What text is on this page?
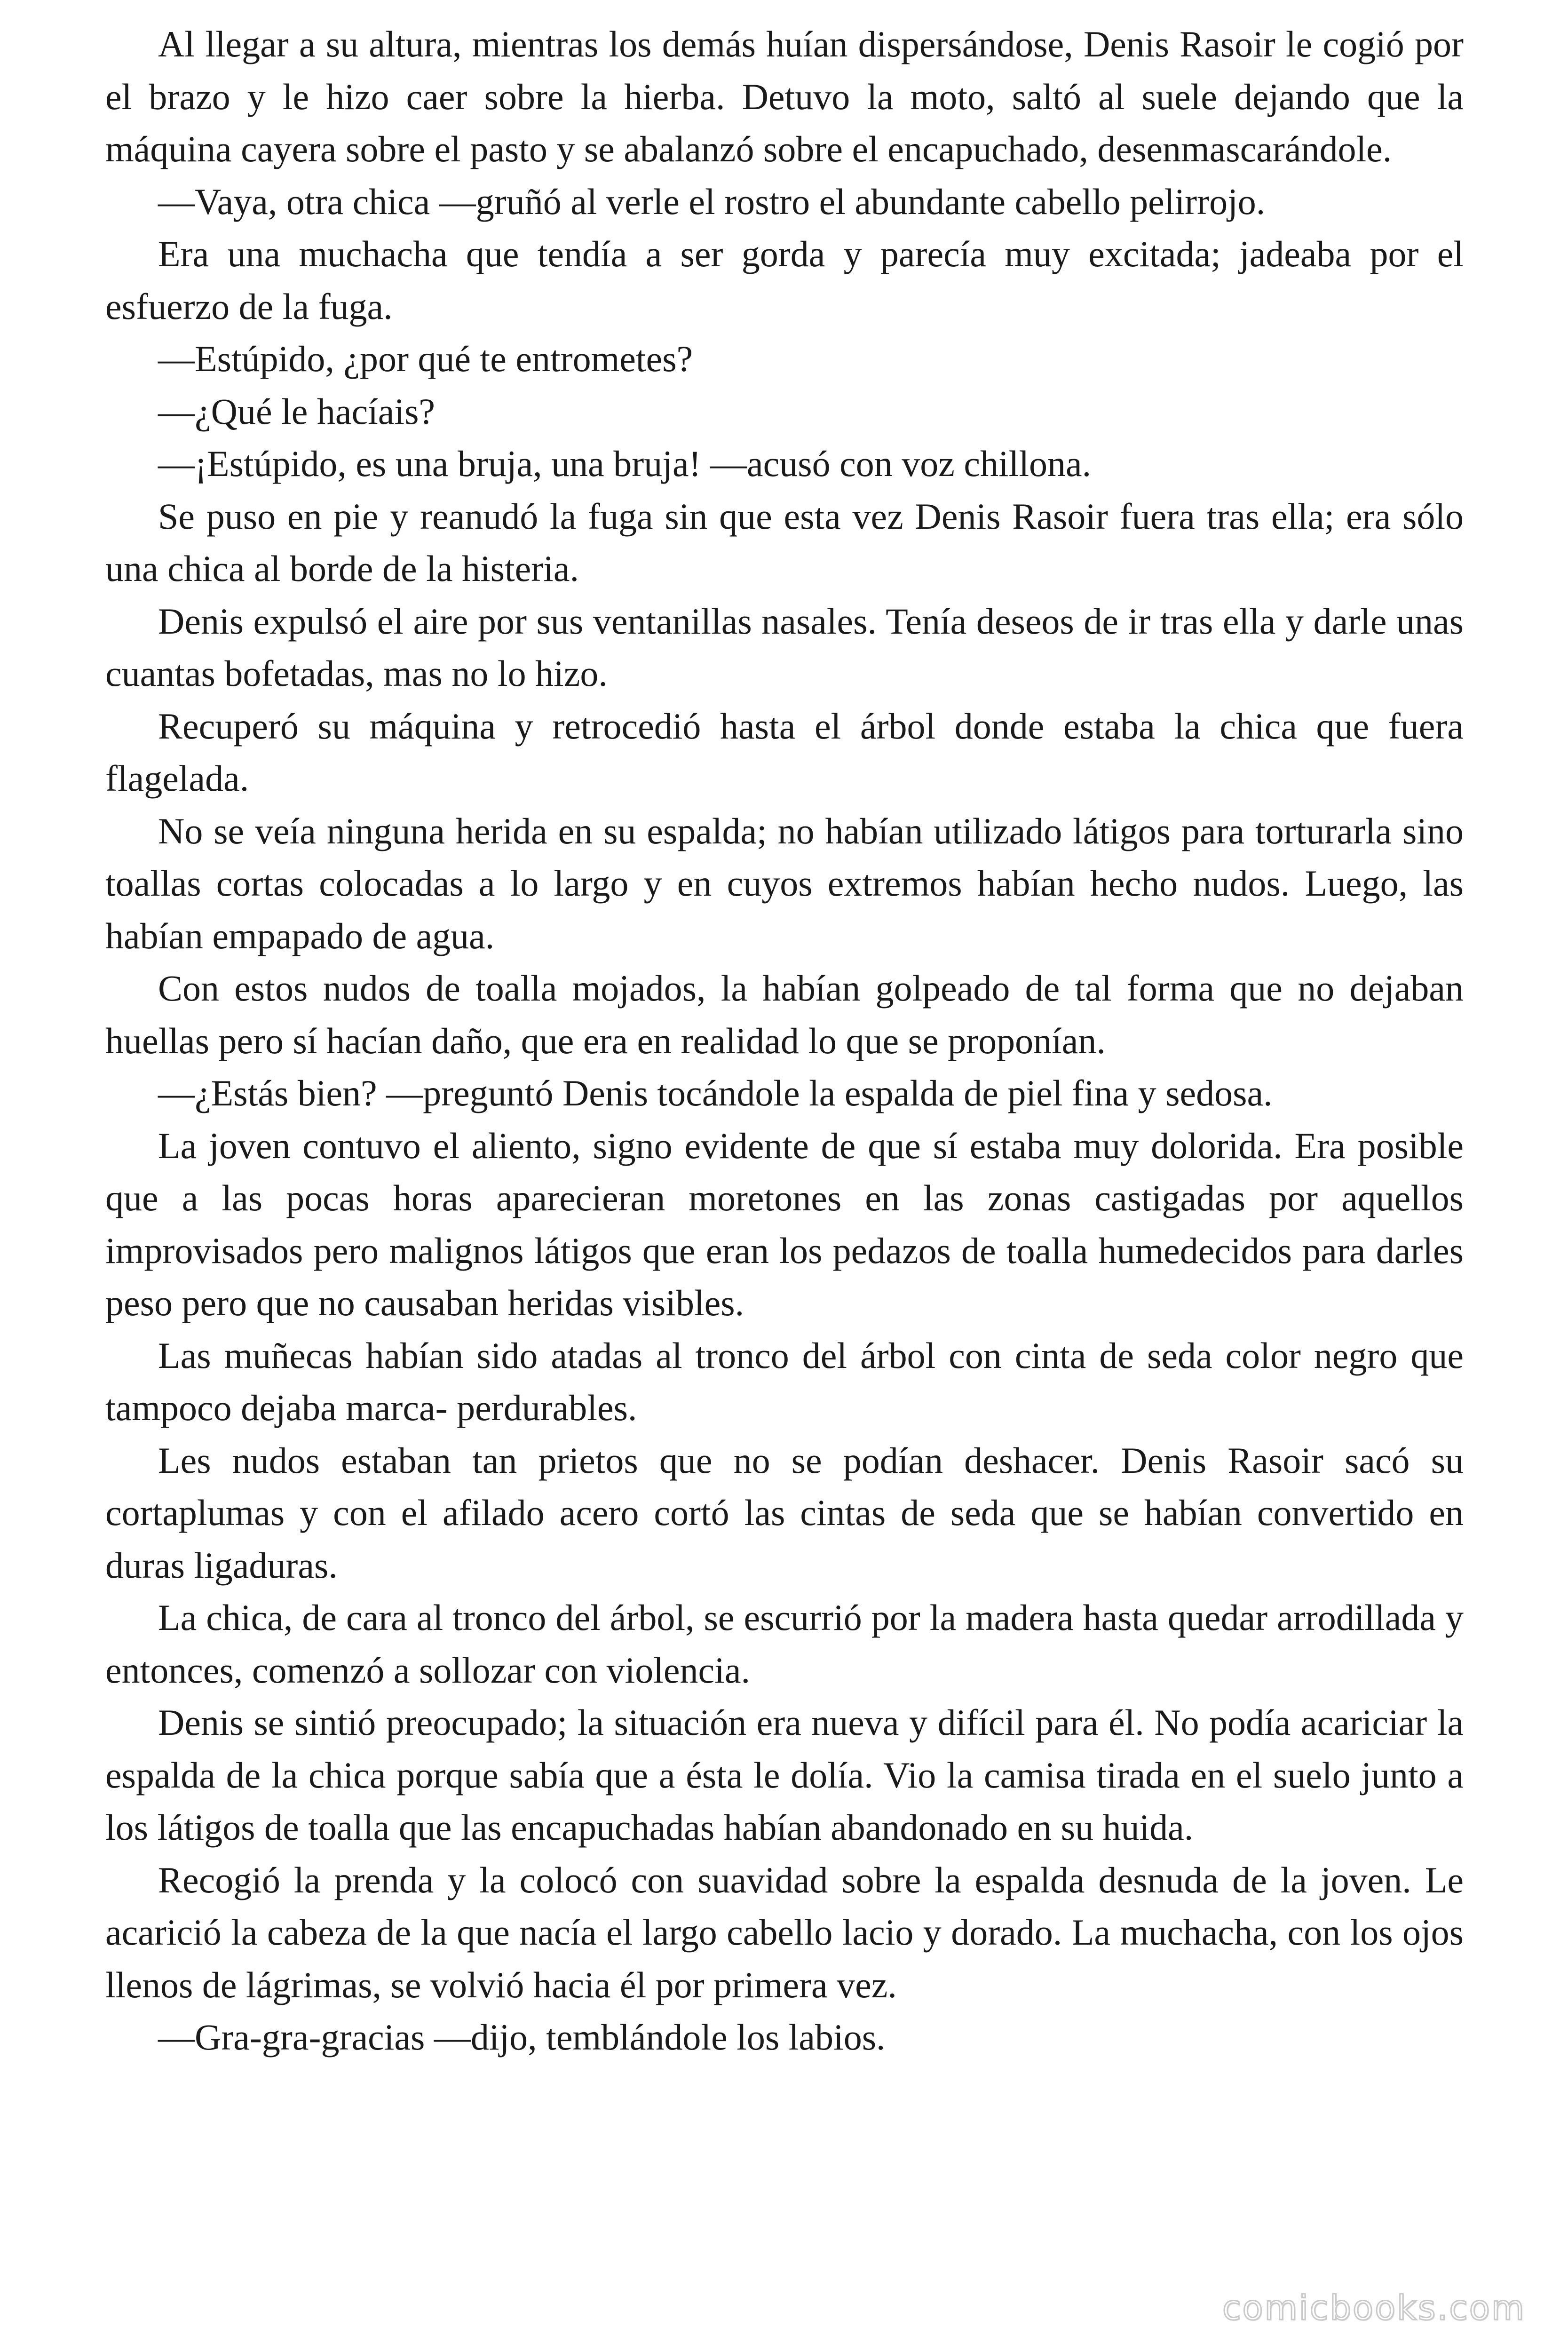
Al llegar a su altura, mientras los demás huían dispersándose, Denis Rasoir le cogió por el brazo y le hizo caer sobre la hierba. Detuvo la moto, saltó al suele dejando que la máquina cayera sobre el pasto y se abalanzó sobre el encapuchado, desenmascarándole.

—Vaya, otra chica —gruñó al verle el rostro el abundante cabello pelirrojo.

Era una muchacha que tendía a ser gorda y parecía muy excitada; jadeaba por el esfuerzo de la fuga.

—Estúpido, ¿por qué te entrometes?

—¿Qué le hacíais?

—¡Estúpido, es una bruja, una bruja! —acusó con voz chillona.

Se puso en pie y reanudó la fuga sin que esta vez Denis Rasoir fuera tras ella; era sólo una chica al borde de la histeria.

Denis expulsó el aire por sus ventanillas nasales. Tenía deseos de ir tras ella y darle unas cuantas bofetadas, mas no lo hizo.

Recuperó su máquina y retrocedió hasta el árbol donde estaba la chica que fuera flagelada.

No se veía ninguna herida en su espalda; no habían utilizado látigos para torturarla sino toallas cortas colocadas a lo largo y en cuyos extremos habían hecho nudos. Luego, las habían empapado de agua.

Con estos nudos de toalla mojados, la habían golpeado de tal forma que no dejaban huellas pero sí hacían daño, que era en realidad lo que se proponían.

—¿Estás bien? —preguntó Denis tocándole la espalda de piel fina y sedosa.

La joven contuvo el aliento, signo evidente de que sí estaba muy dolorida. Era posible que a las pocas horas aparecieran moretones en las zonas castigadas por aquellos improvisados pero malignos látigos que eran los pedazos de toalla humedecidos para darles peso pero que no causaban heridas visibles.

Las muñecas habían sido atadas al tronco del árbol con cinta de seda color negro que tampoco dejaba marca- perdurables.

Les nudos estaban tan prietos que no se podían deshacer. Denis Rasoir sacó su cortaplumas y con el afilado acero cortó las cintas de seda que se habían convertido en duras ligaduras.

La chica, de cara al tronco del árbol, se escurrió por la madera hasta quedar arrodillada y entonces, comenzó a sollozar con violencia.

Denis se sintió preocupado; la situación era nueva y difícil para él. No podía acariciar la espalda de la chica porque sabía que a ésta le dolía. Vio la camisa tirada en el suelo junto a los látigos de toalla que las encapuchadas habían abandonado en su huida.

Recogió la prenda y la colocó con suavidad sobre la espalda desnuda de la joven. Le acarició la cabeza de la que nacía el largo cabello lacio y dorado. La muchacha, con los ojos llenos de lágrimas, se volvió hacia él por primera vez.

—Gra-gra-gracias —dijo, temblándole los labios.

comicbooks.com
